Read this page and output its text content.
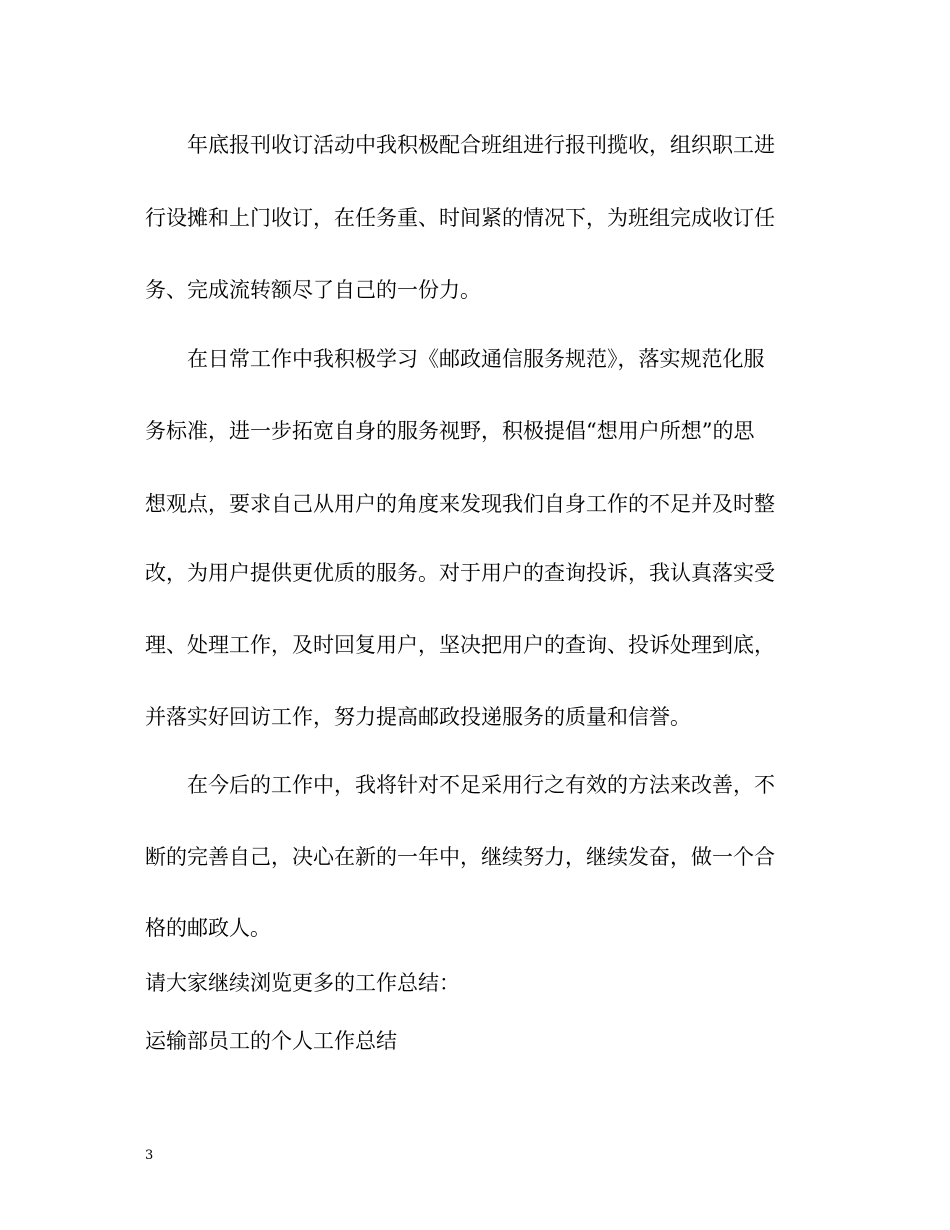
年底报刊收订活动中我积极配合班组进行报刊揽收，组织职工进
行设摊和上门收订，在任务重、时间紧的情况下，为班组完成收订任
务、完成流转额尽了自己的一份力。
在日常工作中我积极学习《邮政通信服务规范》，落实规范化服
务标准，进一步拓宽自身的服务视野，积极提倡“想用户所想”的思
想观点，要求自己从用户的角度来发现我们自身工作的不足并及时整
改，为用户提供更优质的服务。对于用户的查询投诉，我认真落实受
理、处理工作，及时回复用户，坚决把用户的查询、投诉处理到底，
并落实好回访工作，努力提高邮政投递服务的质量和信誉。
在今后的工作中，我将针对不足采用行之有效的方法来改善，不
断的完善自己，决心在新的一年中，继续努力，继续发奋，做一个合
格的邮政人。
请大家继续浏览更多的工作总结：
运输部员工的个人工作总结
3
